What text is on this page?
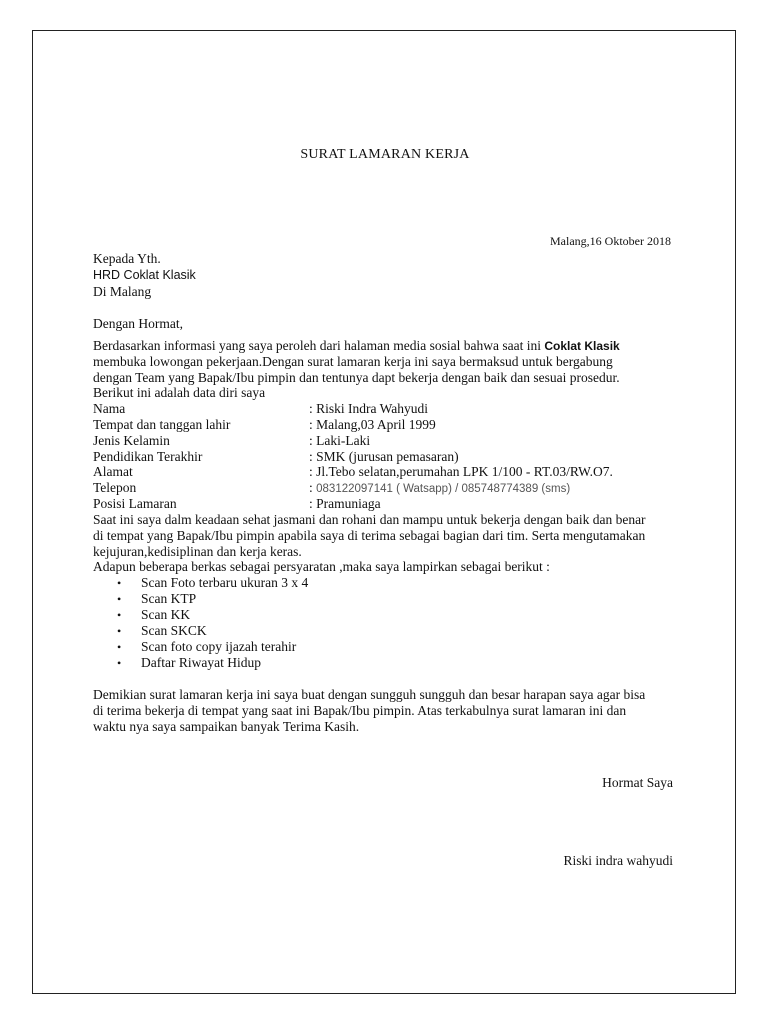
SURAT LAMARAN KERJA
Malang,16 Oktober 2018
Kepada Yth.
HRD Coklat Klasik
Di Malang
Dengan Hormat,
Berdasarkan informasi yang saya peroleh dari halaman media sosial bahwa saat ini Coklat Klasik
membuka lowongan pekerjaan.Dengan surat lamaran kerja ini saya bermaksud untuk bergabung
dengan Team yang Bapak/Ibu pimpin dan tentunya dapt bekerja dengan baik dan sesuai prosedur.
Berikut ini adalah data diri saya
Nama	: Riski Indra Wahyudi
Tempat dan tanggan lahir	: Malang,03 April 1999
Jenis Kelamin	: Laki-Laki
Pendidikan Terakhir	: SMK (jurusan pemasaran)
Alamat	: Jl.Tebo selatan,perumahan LPK 1/100 - RT.03/RW.O7.
Telepon	: 083122097141 ( Watsapp) / 085748774389 (sms)
Posisi Lamaran	: Pramuniaga
Saat ini saya dalm keadaan sehat jasmani dan rohani dan mampu untuk bekerja dengan baik dan benar
di tempat yang Bapak/Ibu pimpin apabila saya di terima sebagai bagian dari tim. Serta mengutamakan
kejujuran,kedisiplinan dan kerja keras.
Adapun beberapa berkas sebagai persyaratan ,maka saya lampirkan sebagai berikut :
• Scan Foto terbaru ukuran 3 x 4
• Scan KTP
• Scan KK
• Scan SKCK
• Scan foto copy ijazah terahir
• Daftar Riwayat Hidup
Demikian surat lamaran kerja ini saya buat dengan sungguh sungguh dan besar harapan saya agar bisa
di terima bekerja di tempat yang saat ini Bapak/Ibu pimpin. Atas terkabulnya surat lamaran ini dan
waktu nya saya sampaikan banyak Terima Kasih.
Hormat Saya
Riski indra wahyudi
